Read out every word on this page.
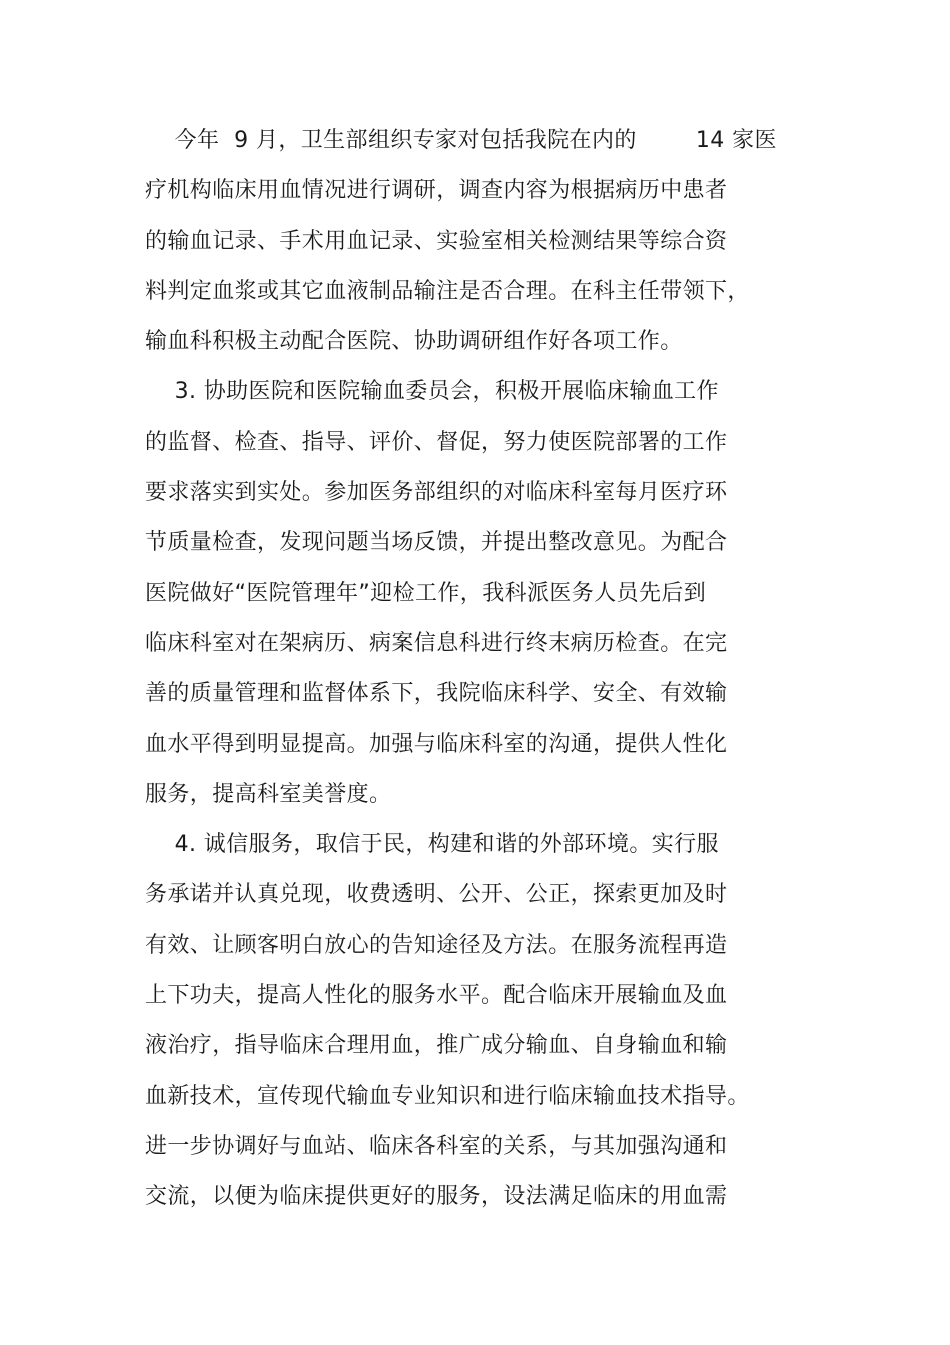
今年  9 月，卫生部组织专家对包括我院在内的        14 家医
疗机构临床用血情况进行调研，调查内容为根据病历中患者
的输血记录、手术用血记录、实验室相关检测结果等综合资
料判定血浆或其它血液制品输注是否合理。在科主任带领下，
输血科积极主动配合医院、协助调研组作好各项工作。
3. 协助医院和医院输血委员会，积极开展临床输血工作
的监督、检查、指导、评价、督促，努力使医院部署的工作
要求落实到实处。参加医务部组织的对临床科室每月医疗环
节质量检查，发现问题当场反馈，并提出整改意见。为配合
医院做好“医院管理年”迎检工作，我科派医务人员先后到
临床科室对在架病历、病案信息科进行终末病历检查。在完
善的质量管理和监督体系下，我院临床科学、安全、有效输
血水平得到明显提高。加强与临床科室的沟通，提供人性化
服务，提高科室美誉度。
4. 诚信服务，取信于民，构建和谐的外部环境。实行服
务承诺并认真兑现，收费透明、公开、公正，探索更加及时
有效、让顾客明白放心的告知途径及方法。在服务流程再造
上下功夫，提高人性化的服务水平。配合临床开展输血及血
液治疗，指导临床合理用血，推广成分输血、自身输血和输
血新技术，宣传现代输血专业知识和进行临床输血技术指导。
进一步协调好与血站、临床各科室的关系，与其加强沟通和
交流，以便为临床提供更好的服务，设法满足临床的用血需
